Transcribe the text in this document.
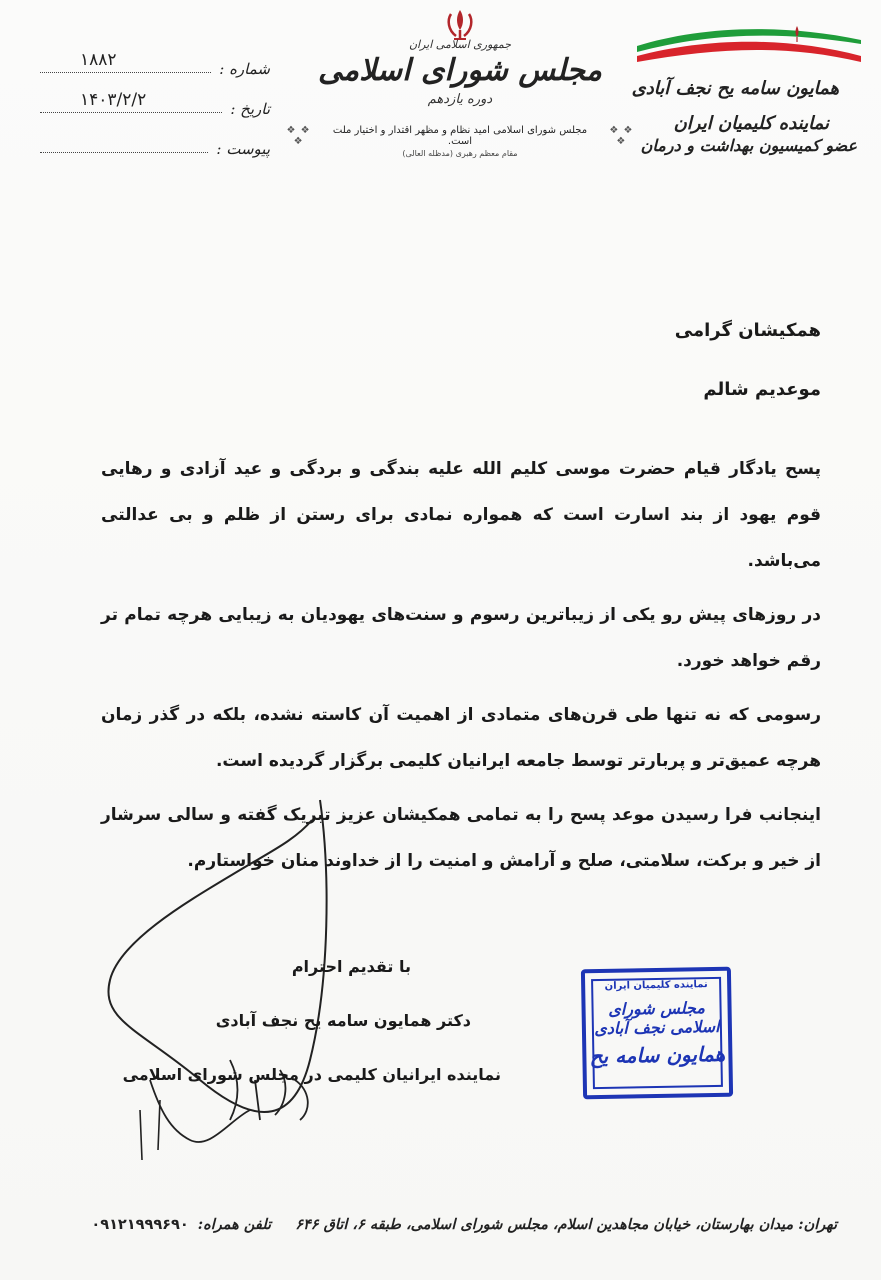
شماره :
۱۸۸۲
تاریخ :
۱۴۰۳/۲/۲
پیوست :
جمهوری اسلامی ایران
مجلس شورای اسلامی
دوره یازدهم
❖ ❖ ❖
مجلس شورای اسلامی امید نظام و مظهر اقتدار و اختیار ملت است.
❖ ❖ ❖
مقام معظم رهبری (مدظله العالی)
همایون سامه یح نجف آبادی
نماینده کلیمیان ایران
عضو کمیسیون بهداشت و درمان

همکیشان گرامی

موعدیم شالم

پسح یادگار قیام حضرت موسی کلیم الله علیه بندگی و بردگی و عید آزادی و رهایی قوم یهود از بند اسارت است که همواره نمادی برای رستن از ظلم و بی عدالتی می‌باشد.

در روزهای پیش رو یکی از زیباترین رسوم و سنت‌های یهودیان به زیبایی هرچه تمام تر رقم خواهد خورد.

رسومی که نه تنها طی قرن‌های متمادی از اهمیت آن کاسته نشده، بلکه در گذر زمان هرچه عمیق‌تر و پربارتر توسط جامعه ایرانیان کلیمی برگزار گردیده است.

اینجانب فرا رسیدن موعد پسح را به تمامی همکیشان عزیز تبریک گفته و سالی سرشار از خیر و برکت، سلامتی، صلح و آرامش و امنیت را از خداوند منان خواستارم.

با تقدیم احترام
دکتر همایون سامه یح نجف آبادی
نماینده ایرانیان کلیمی در مجلس شورای اسلامی
نماینده کلیمیان ایران
مجلس شورای اسلامی نجف آبادی
همایون سامه یح
تهران: میدان بهارستان، خیابان مجاهدین اسلام، مجلس شورای اسلامی، طبقه ۶، اتاق ۶۴۶  تلفن همراه: ۰۹۱۲۱۹۹۹۶۹۰
